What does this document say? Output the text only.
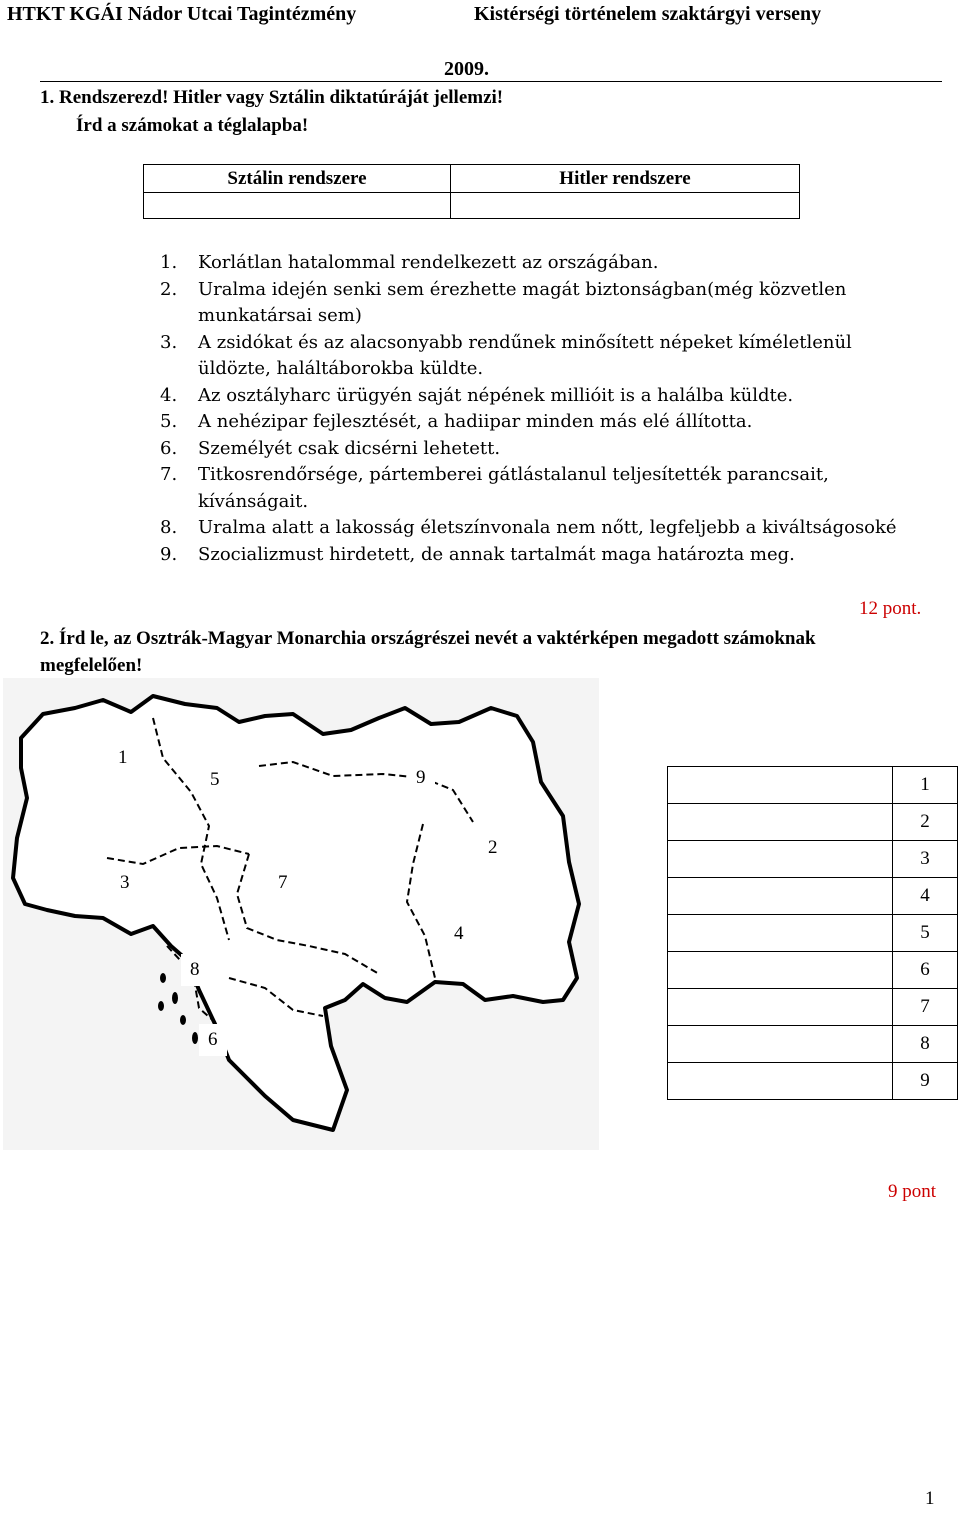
HTKT KGÁI Nádor Utcai Tagintézmény	Kistérségi történelem szaktárgyi verseny
2009.
1. Rendszerezd! Hitler vagy Sztálin diktatúráját jellemzi!
Írd a számokat a téglalapba!
Sztálin rendszere	Hitler rendszere

1. Korlátlan hatalommal rendelkezett az országában.
2. Uralma idején senki sem érezhette magát biztonságban(még közvetlen munkatársai sem)
3. A zsidókat és az alacsonyabb rendűnek minősített népeket kíméletlenül üldözte, haláltáborokba küldte.
4. Az osztályharc ürügyén saját népének millióit is a halálba küldte.
5. A nehézipar fejlesztését, a hadiipar minden más elé állította.
6. Személyét csak dicsérni lehetett.
7. Titkosrendőrsége, pártemberei gátlástalanul teljesítették parancsait, kívánságait.
8. Uralma alatt a lakosság életszínvonala nem nőtt, legfeljebb a kiváltságosoké
9. Szocializmust hirdetett, de annak tartalmát maga határozta meg.
12 pont.
2. Írd le, az Osztrák-Magyar Monarchia országrészei nevét a vaktérképen megadott számoknak megfelelően!
1
5	9
2
3	7
4
8
6
	1
	2
	3
	4
	5
	6
	7
	8
	9
9 pont
1
